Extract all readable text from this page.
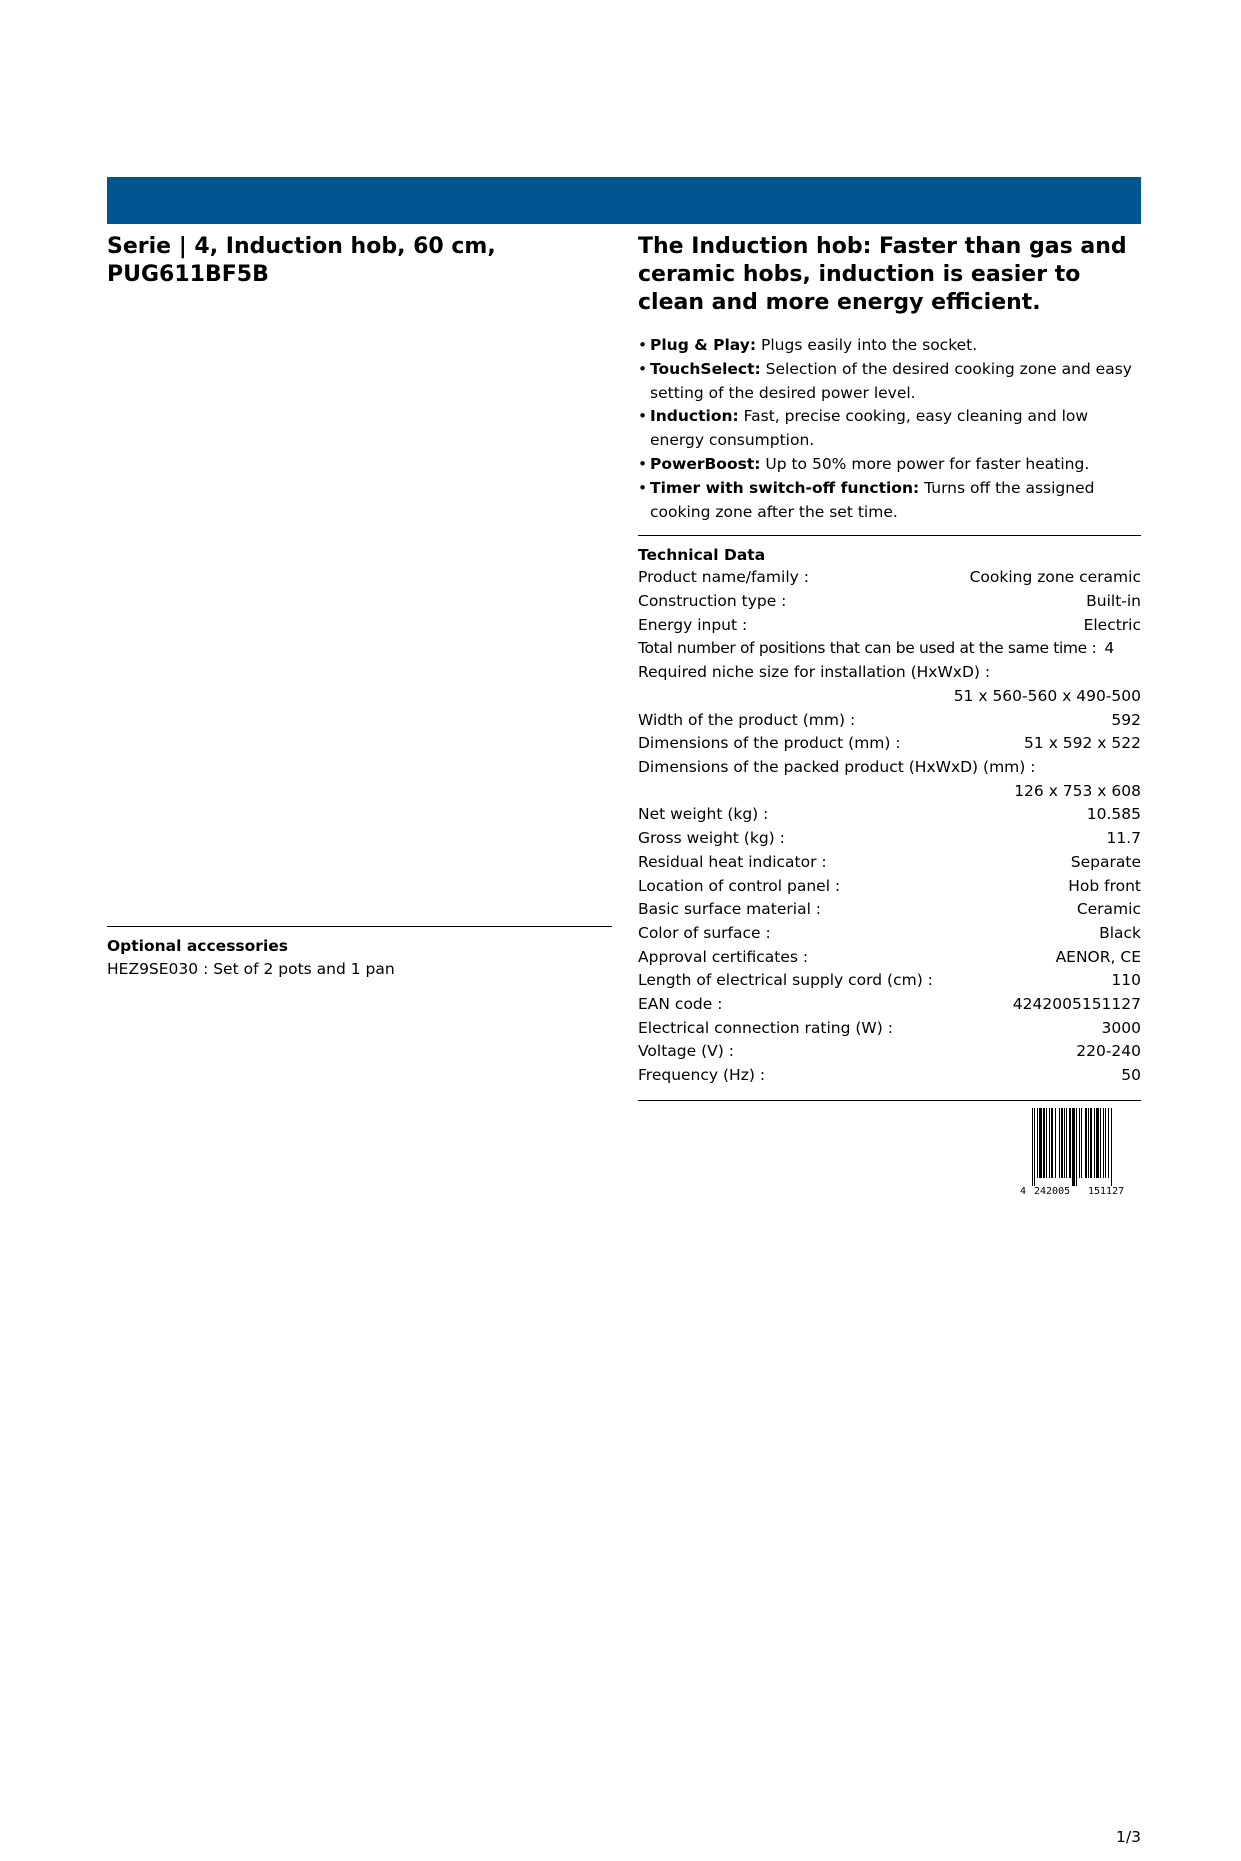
Serie | 4, Induction hob, 60 cm,
PUG611BF5B
The Induction hob: Faster than gas and ceramic hobs, induction is easier to clean and more energy efficient.
• Plug & Play: Plugs easily into the socket.
• TouchSelect: Selection of the desired cooking zone and easy setting of the desired power level.
• Induction: Fast, precise cooking, easy cleaning and low energy consumption.
• PowerBoost: Up to 50% more power for faster heating.
• Timer with switch-off function: Turns off the assigned cooking zone after the set time.
Technical Data
Product name/family :	Cooking zone ceramic
Construction type :	Built-in
Energy input :	Electric
Total number of positions that can be used at the same time : 4
Required niche size for installation (HxWxD) :
51 x 560-560 x 490-500
Width of the product (mm) :	592
Dimensions of the product (mm) :	51 x 592 x 522
Dimensions of the packed product (HxWxD) (mm) :
126 x 753 x 608
Net weight (kg) :	10.585
Gross weight (kg) :	11.7
Residual heat indicator :	Separate
Location of control panel :	Hob front
Basic surface material :	Ceramic
Color of surface :	Black
Approval certificates :	AENOR, CE
Length of electrical supply cord (cm) :	110
EAN code :	4242005151127
Electrical connection rating (W) :	3000
Voltage (V) :	220-240
Frequency (Hz) :	50
Optional accessories
HEZ9SE030 : Set of 2 pots and 1 pan
4 242005 151127
1/3
